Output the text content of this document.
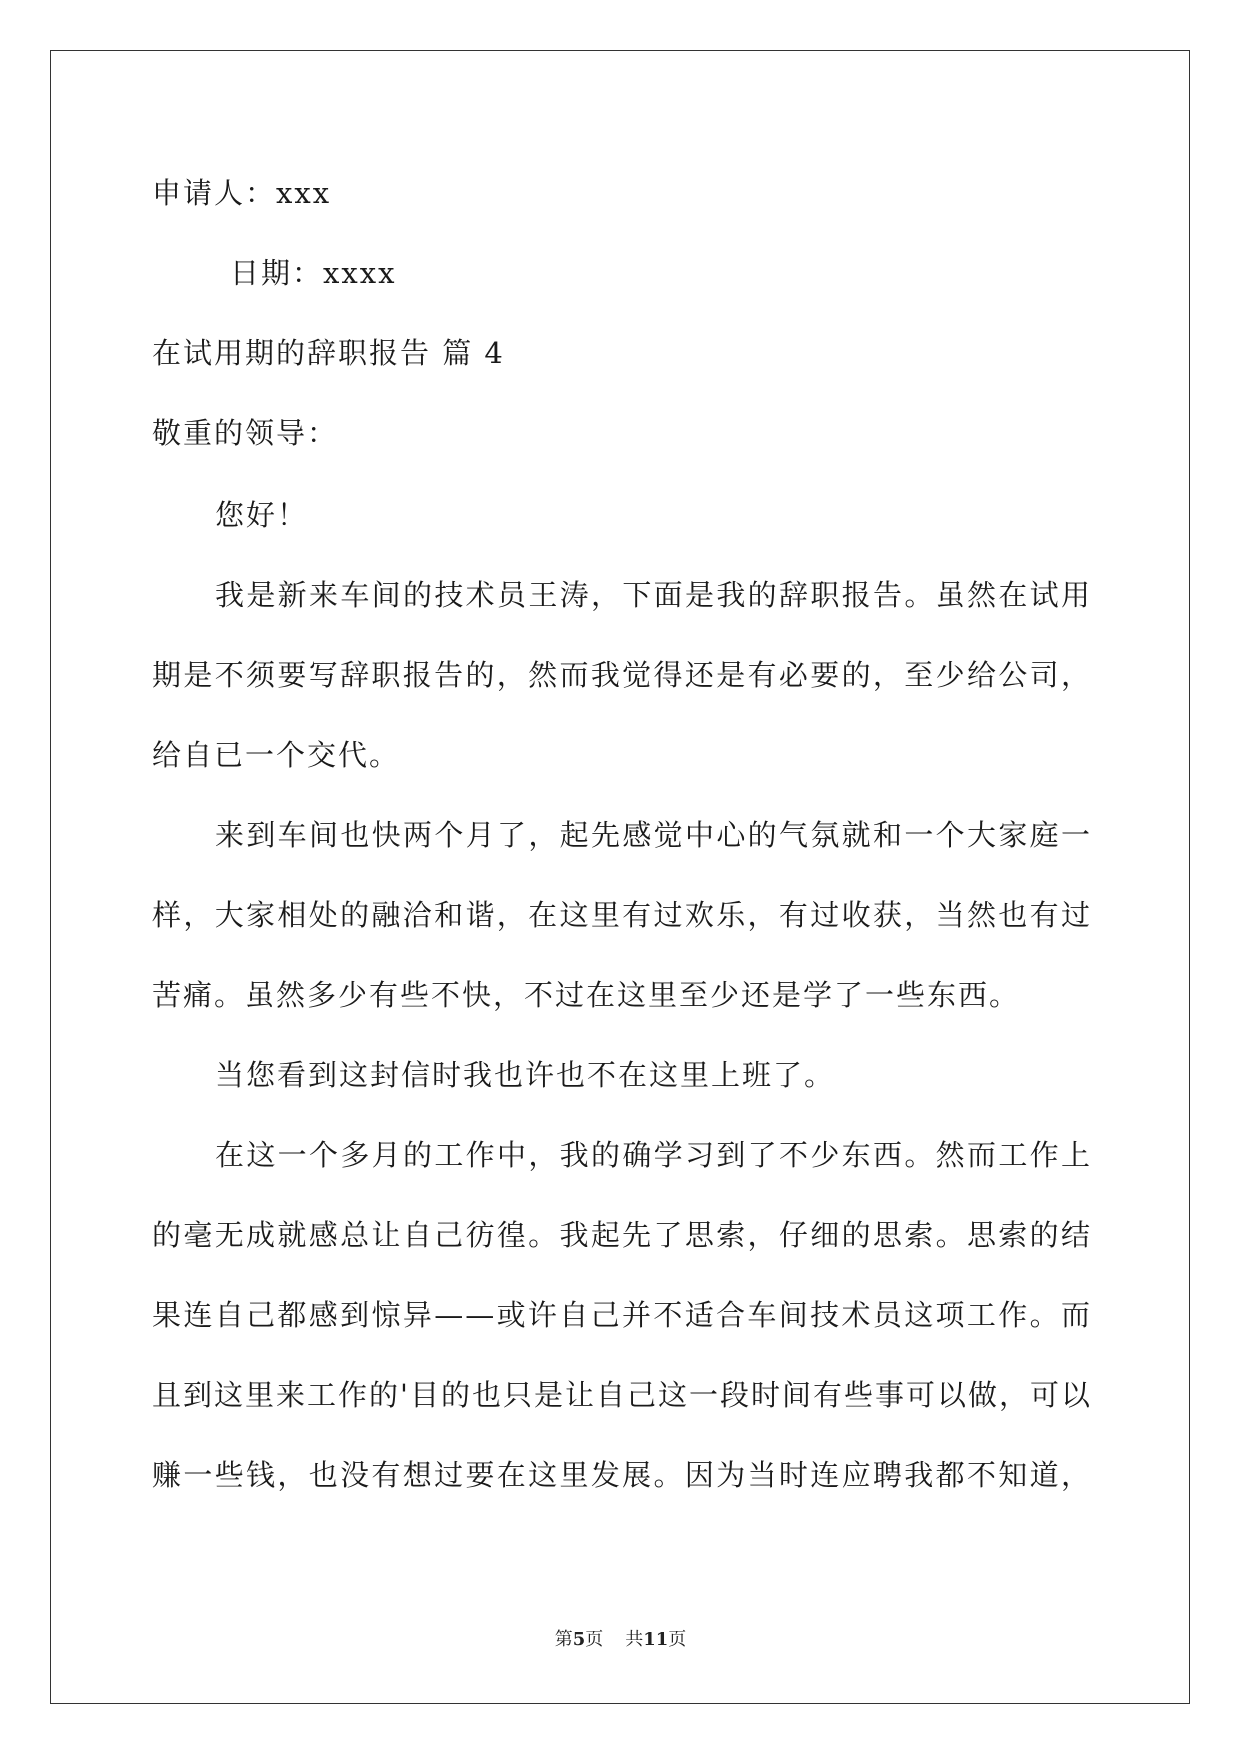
申请人：xxx
日期：xxxx
在试用期的辞职报告 篇 4
敬重的领导：
您好！
我是新来车间的技术员王涛，下面是我的辞职报告。虽然在试用
期是不须要写辞职报告的，然而我觉得还是有必要的，至少给公司，
给自已一个交代。
来到车间也快两个月了，起先感觉中心的气氛就和一个大家庭一
样，大家相处的融洽和谐，在这里有过欢乐，有过收获，当然也有过
苦痛。虽然多少有些不快，不过在这里至少还是学了一些东西。
当您看到这封信时我也许也不在这里上班了。
在这一个多月的工作中，我的确学习到了不少东西。然而工作上
的毫无成就感总让自己彷徨。我起先了思索，仔细的思索。思索的结
果连自己都感到惊异——或许自己并不适合车间技术员这项工作。而
且到这里来工作的'目的也只是让自己这一段时间有些事可以做，可以
赚一些钱，也没有想过要在这里发展。因为当时连应聘我都不知道，
第5页 共11页
